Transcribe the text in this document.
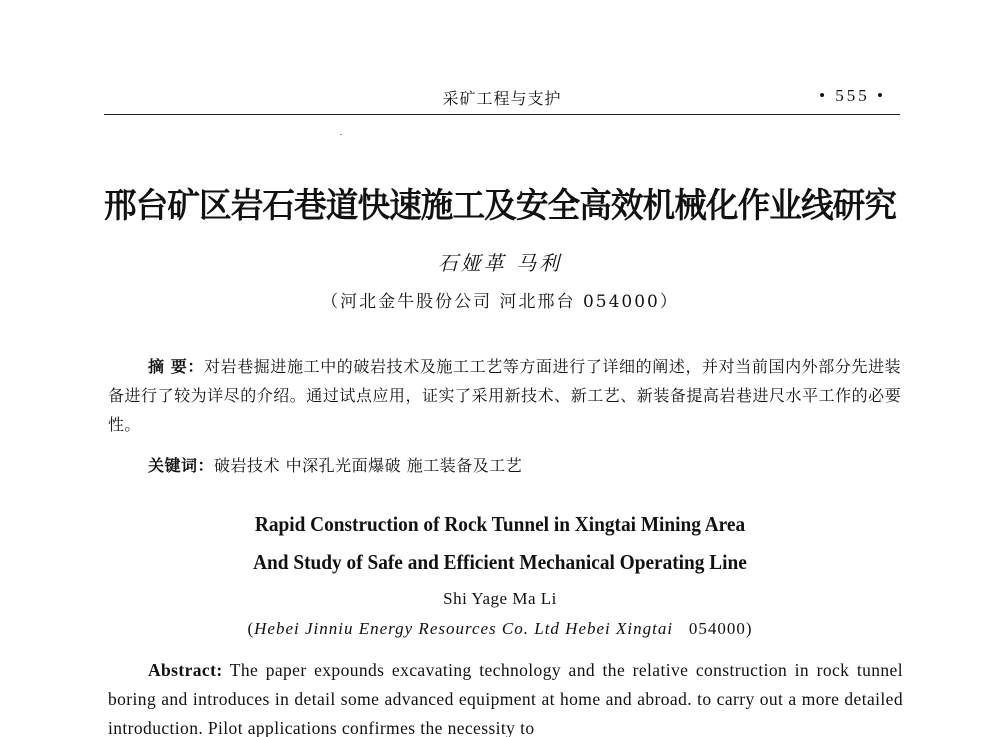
采矿工程与支护	• 555 •
邢台矿区岩石巷道快速施工及安全高效机械化作业线研究
石娅革 马利
（河北金牛股份公司 河北邢台 054000）
摘 要：对岩巷掘进施工中的破岩技术及施工工艺等方面进行了详细的阐述，并对当前国内外部分先进装备进行了较为详尽的介绍。通过试点应用，证实了采用新技术、新工艺、新装备提高岩巷进尺水平工作的必要性。
关键词：破岩技术 中深孔光面爆破 施工装备及工艺
Rapid Construction of Rock Tunnel in Xingtai Mining Area
And Study of Safe and Efficient Mechanical Operating Line
Shi Yage Ma Li
(Hebei Jinniu Energy Resources Co. Ltd Hebei Xingtai 054000)
Abstract: The paper expounds excavating technology and the relative construction in rock tunnel boring and introduces in detail some advanced equipment at home and abroad. to carry out a more detailed introduction. Pilot applications confirmes the necessity to
